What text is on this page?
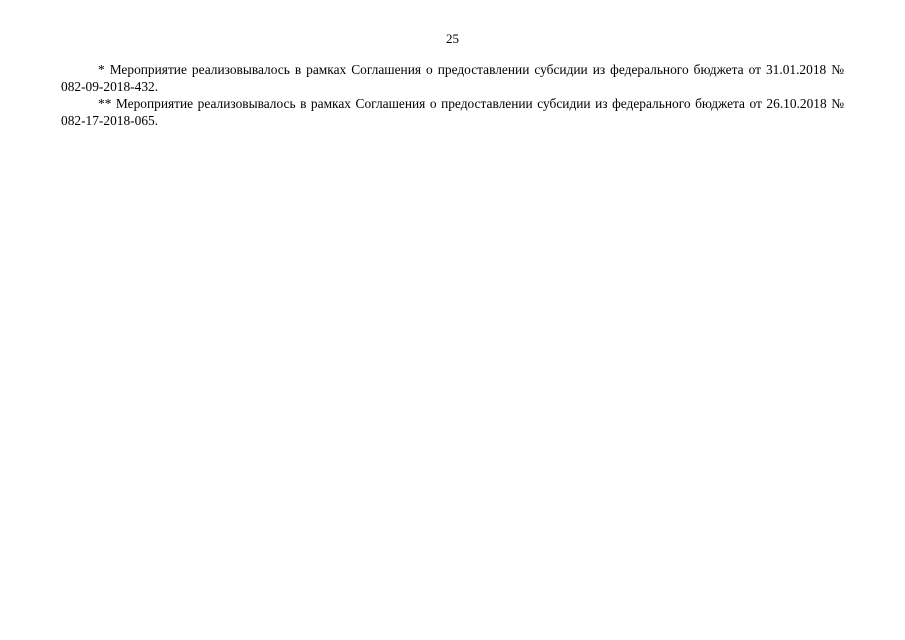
25

* Мероприятие реализовывалось в рамках Соглашения о предоставлении субсидии из федерального бюджета от 31.01.2018 № 082-09-2018-432.

** Мероприятие реализовывалось в рамках Соглашения о предоставлении субсидии из федерального бюджета от 26.10.2018 № 082-17-2018-065.
